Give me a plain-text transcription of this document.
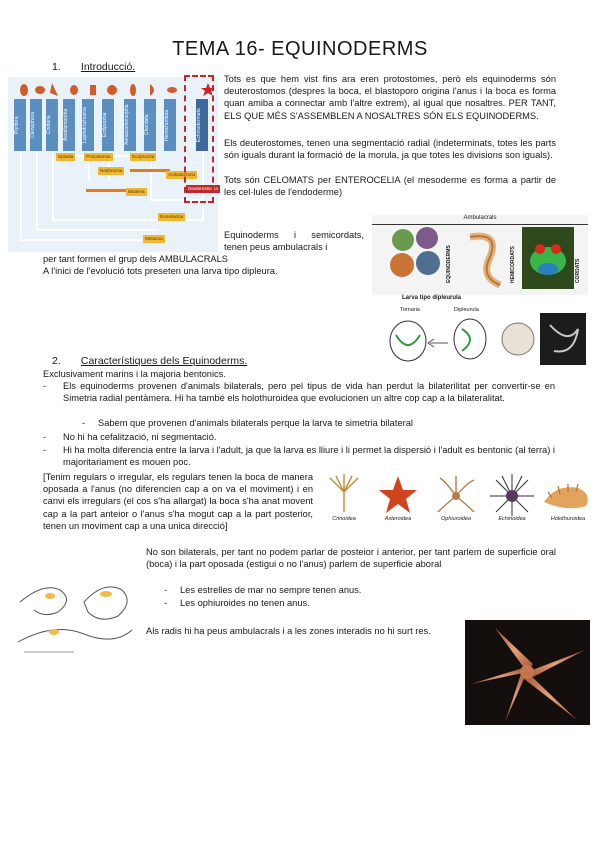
TEMA 16- EQUINODERMS
1. Introducció.
Porifera	Ctenophora	Cnidaria	Acoelomorpha	Lophotrochozoa	Ecdysozoa	Xenacoelomorpha	Chordata	Hemichordata	Echinodermata
Spiralia	Protostomia	Ecdysozoa
Nephrozoa
Ambulacraria
Bilateria
Deuterostomia
Eumetazoa
Metazoa
Tots es que hem vist fins ara eren protostomes, però els equinoderms són deuterostomos (despres la boca, el blastoporo origina l'anus i la boca es forma quan amiba a connectar amb l'altre extrem), al igual que nosaltres. PER TANT, ELS QUE MÉS S'ASSEMBLEN A NOSALTRES SÓN ELS EQUINODERMS.
Els deuterostomes, tenen una segmentació radial (indeterminats, totes les parts són iguals durant la formació de la morula, ja que totes les divisions son iguals).
Tots són CELOMATS per ENTEROCELIA (el mesoderme es forma a partir de les cel·lules de l'endoderme)
Equinoderms i semicordats, tenen peus ambulacrals i
per tant formen el grup dels AMBULACRALS
A l'inici de l'evolució tots preseten una larva tipo dipleura.
Ambulacrals
EQUINODERMS	HEMICORDATS	CORDATS
Larva tipo dipleurula
Tornaria	Dipleurula
2. Característiques dels Equinoderms.
Exclusivament marins i la majoria bentonics.
- Els equinoderms provenen d'animals bilaterals, pero pel tipus de vida han perdut la bilaterilitat per convertir-se en Simetria radial pentàmera. Hi ha també els holothuroidea que evolucionen un altre cop cap a la bilateralitat.
- Sabem que provenen d'animals bilaterals perque la larva te simetria bilateral
- No hi ha cefalització, ni segmentació.
- Hi ha molta diferencia entre la larva i l'adult, ja que la larva es lliure i li permet la dispersió i l'adult es bentonic (al terra) i majoritariament es mouen poc.
[Tenim regulars o irregular, els regulars tenen la boca de manera oposada a l'anus (no diferencien cap a on va el moviment) i en canvi els irregulars (el cos s'ha allargat) la boca s'ha anat movent cap a la part anteior o l'anus s'ha mogut cap a la part posterior, tenen un moviment cap a una unica direcció]
Crinoidea	Asteroidea	Ophiuroidea	Echinoidea	Holothuroidea
No son bilaterals, per tant no podem parlar de posteior i anterior, per tant parlem de superficie oral (boca) i la part oposada (estigui o no l'anus) parlem de superficie aboral
- Les estrelles de mar no sempre tenen anus.
- Les ophiuroides no tenen anus.
Als radis hi ha peus ambulacrals i a les zones interadis no hi surt res.
